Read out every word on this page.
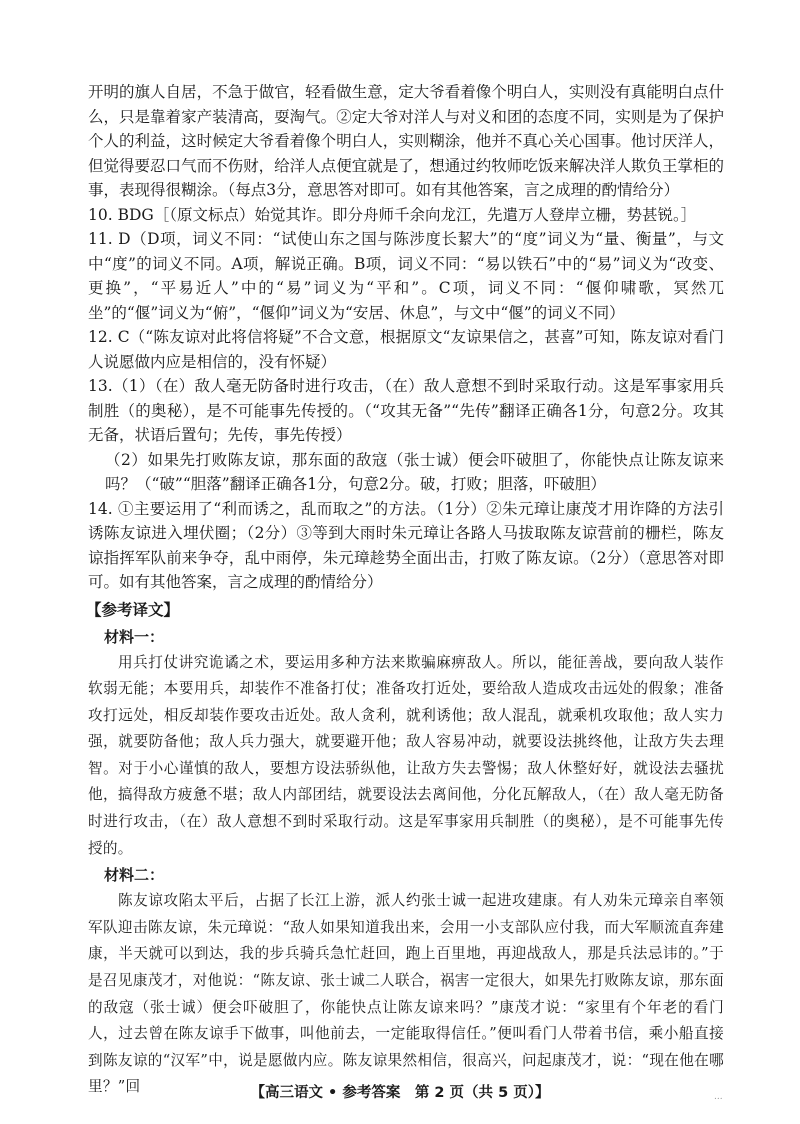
开明的旗人自居，不急于做官，轻看做生意，定大爷看着像个明白人，实则没有真能明白点什么，只是靠着家产装清高，耍淘气。②定大爷对洋人与对义和团的态度不同，实则是为了保护个人的利益，这时候定大爷看着像个明白人，实则糊涂，他并不真心关心国事。他讨厌洋人，但觉得要忍口气而不伤财，给洋人点便宜就是了，想通过约牧师吃饭来解决洋人欺负王掌柜的事，表现得很糊涂。（每点3分，意思答对即可。如有其他答案，言之成理的酌情给分）

10. BDG［（原文标点）始觉其诈。即分舟师千余向龙江，先遣万人登岸立栅，势甚锐。］

11. D（D项，词义不同：“试使山东之国与陈涉度长絜大”的“度”词义为“量、衡量”，与文中“度”的词义不同。A项，解说正确。B项，词义不同：“易以铁石”中的“易”词义为“改变、更换”，“平易近人”中的“易”词义为“平和”。C项，词义不同：“偃仰啸歌，冥然兀坐”的“偃”词义为“俯”，“偃仰”词义为“安居、休息”，与文中“偃”的词义不同）

12. C（“陈友谅对此将信将疑”不合文意，根据原文“友谅果信之，甚喜”可知，陈友谅对看门人说愿做内应是相信的，没有怀疑）

13.（1）（在）敌人毫无防备时进行攻击，（在）敌人意想不到时采取行动。这是军事家用兵制胜（的奥秘），是不可能事先传授的。（“攻其无备”“先传”翻译正确各1分，句意2分。攻其无备，状语后置句；先传，事先传授）

（2）如果先打败陈友谅，那东面的敌寇（张士诚）便会吓破胆了，你能快点让陈友谅来吗？（“破”“胆落”翻译正确各1分，句意2分。破，打败；胆落，吓破胆）

14. ①主要运用了“利而诱之，乱而取之”的方法。（1分）②朱元璋让康茂才用诈降的方法引诱陈友谅进入埋伏圈；（2分）③等到大雨时朱元璋让各路人马拔取陈友谅营前的栅栏，陈友谅指挥军队前来争夺，乱中雨停，朱元璋趁势全面出击，打败了陈友谅。（2分）（意思答对即可。如有其他答案，言之成理的酌情给分）

【参考译文】
材料一：

用兵打仗讲究诡谲之术，要运用多种方法来欺骗麻痹敌人。所以，能征善战，要向敌人装作软弱无能；本要用兵，却装作不准备打仗；准备攻打近处，要给敌人造成攻击远处的假象；准备攻打远处，相反却装作要攻击近处。敌人贪利，就利诱他；敌人混乱，就乘机攻取他；敌人实力强，就要防备他；敌人兵力强大，就要避开他；敌人容易冲动，就要设法挑终他，让敌方失去理智。对于小心谨慎的敌人，要想方设法骄纵他，让敌方失去警惕；敌人休整好好，就设法去骚扰他，搞得敌方疲惫不堪；敌人内部团结，就要设法去离间他，分化瓦解敌人，（在）敌人毫无防备时进行攻击，（在）敌人意想不到时采取行动。这是军事家用兵制胜（的奥秘），是不可能事先传授的。

材料二：

陈友谅攻陷太平后，占据了长江上游，派人约张士诚一起进攻建康。有人劝朱元璋亲自率领军队迎击陈友谅，朱元璋说：“敌人如果知道我出来，会用一小支部队应付我，而大军顺流直奔建康，半天就可以到达，我的步兵骑兵急忙赶回，跑上百里地，再迎战敌人，那是兵法忌讳的。”于是召见康茂才，对他说：“陈友谅、张士诚二人联合，祸害一定很大，如果先打败陈友谅，那东面的敌寇（张士诚）便会吓破胆了，你能快点让陈友谅来吗？”康茂才说：“家里有个年老的看门人，过去曾在陈友谅手下做事，叫他前去，一定能取得信任。”便叫看门人带着书信，乘小船直接到陈友谅的“汉军”中，说是愿做内应。陈友谅果然相信，很高兴，问起康茂才，说：“现在他在哪里？”回	【高三语文 • 参考答案　第 2 页（共 5 页）】	...
